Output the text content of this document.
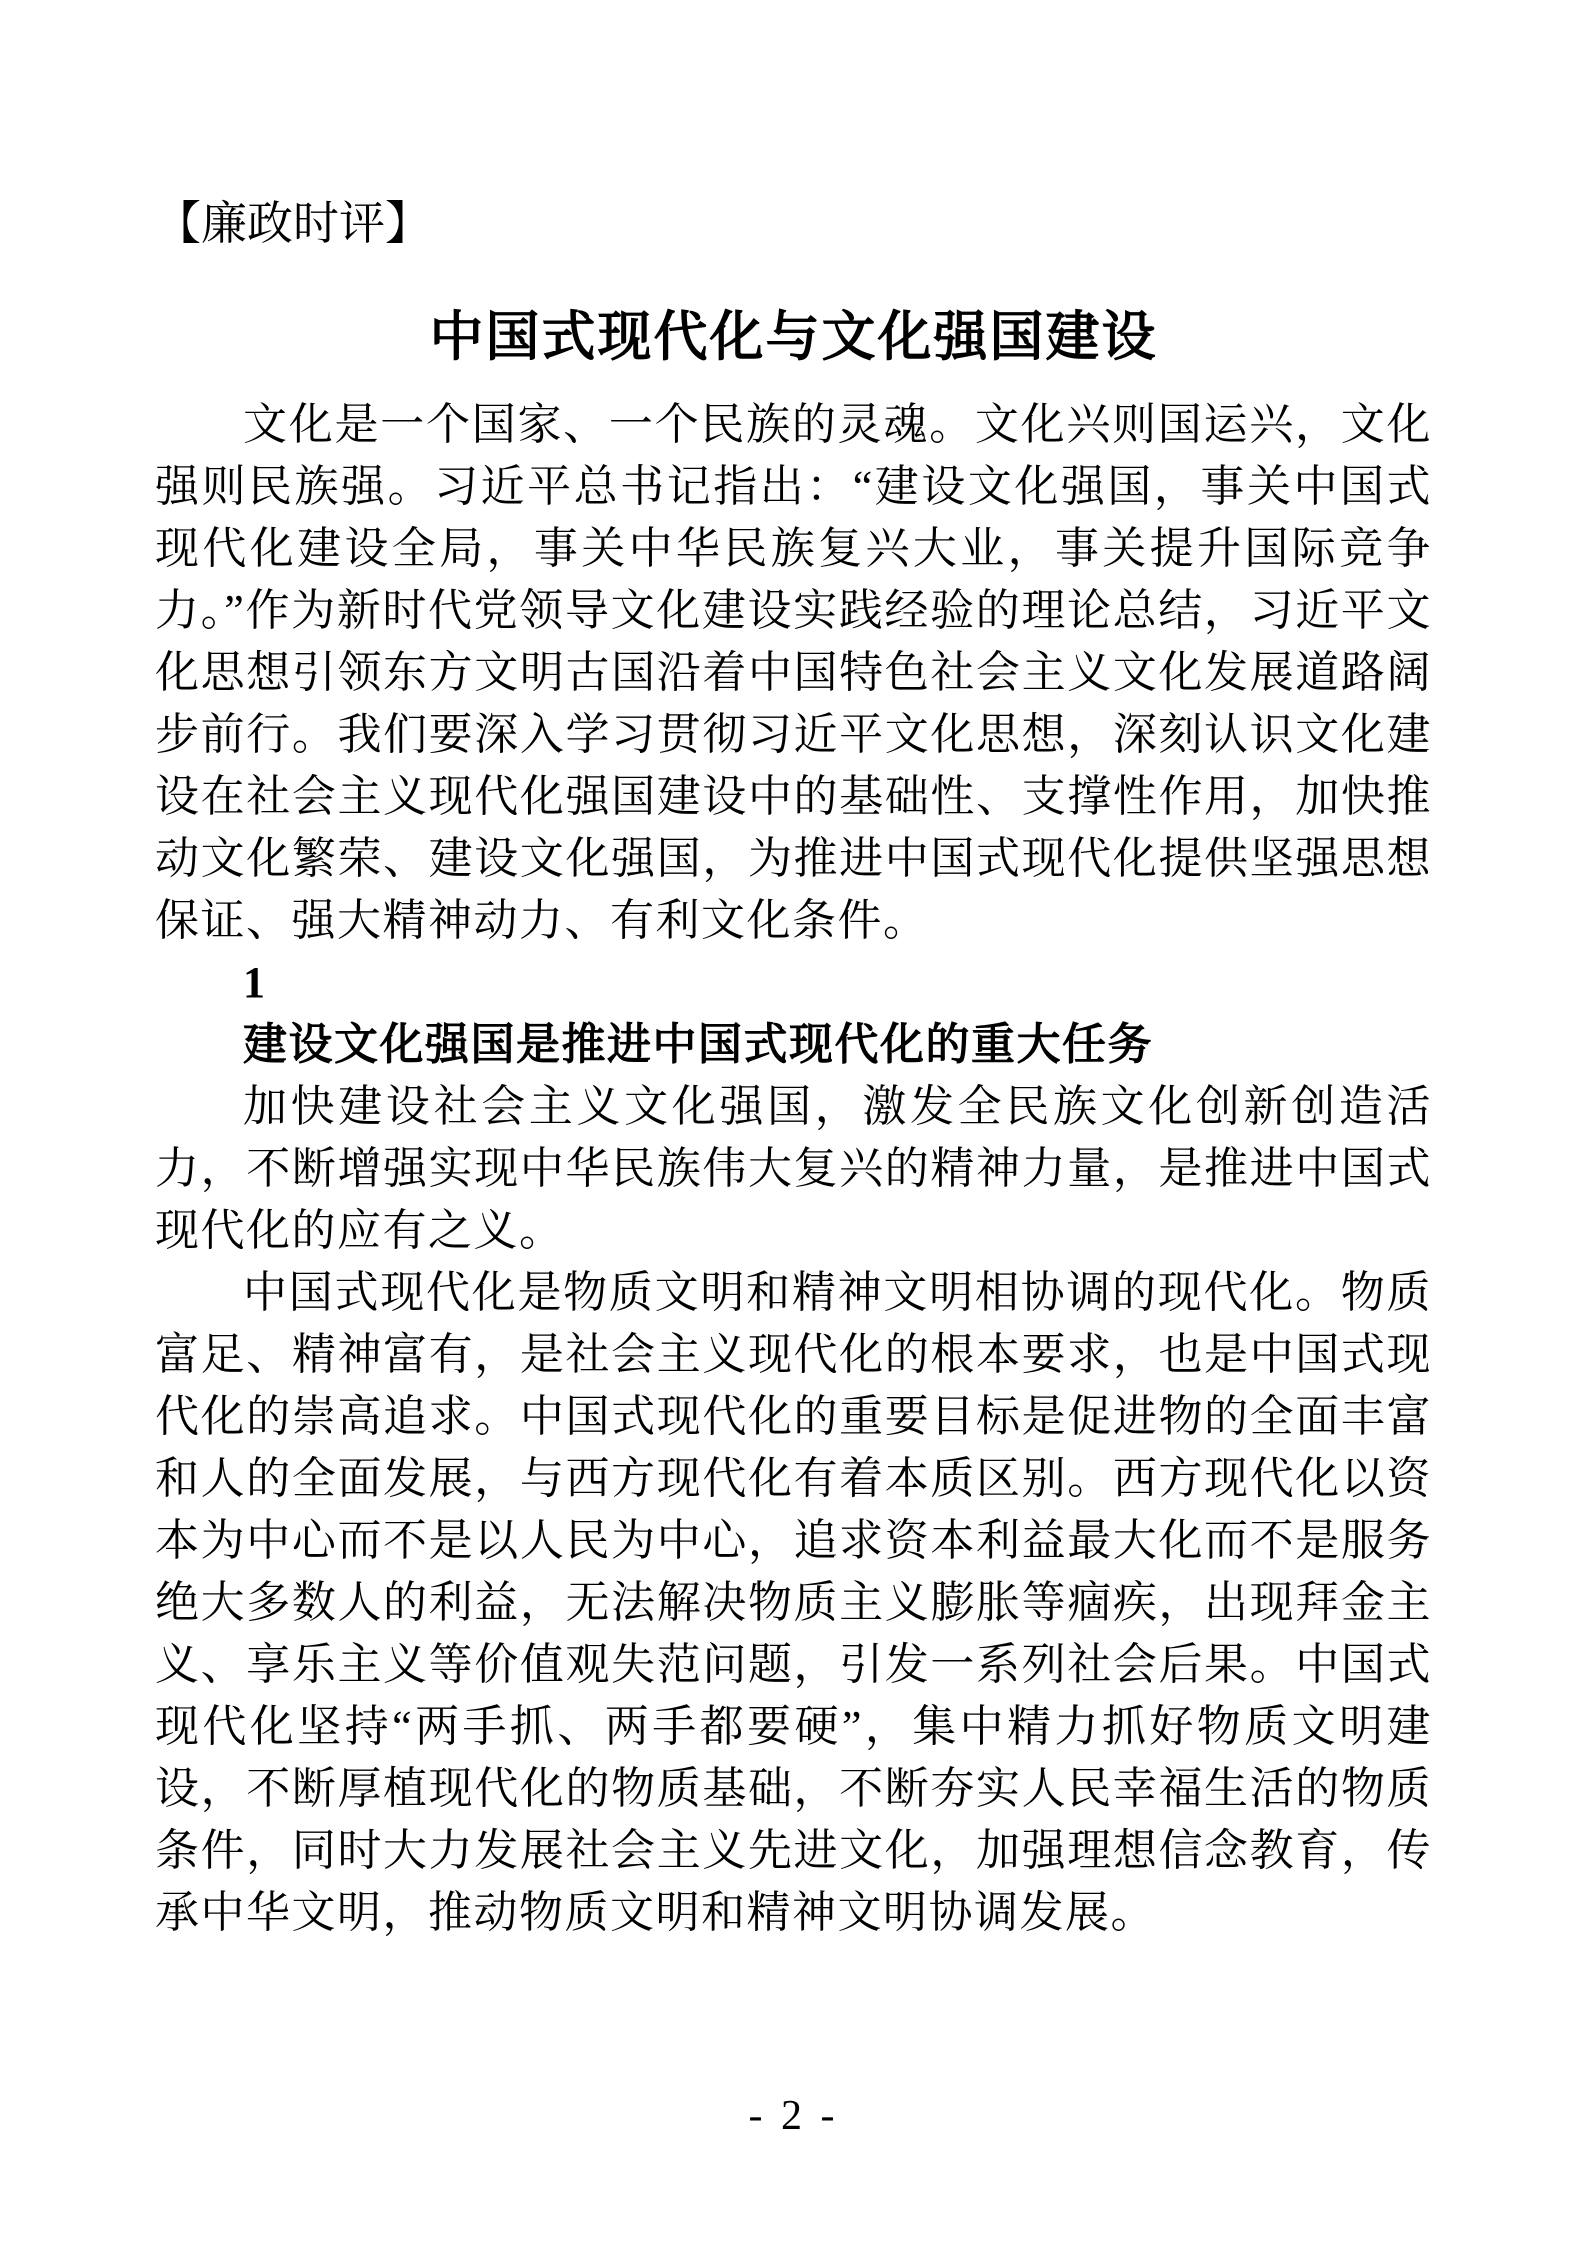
【廉政时评】
中国式现代化与文化强国建设

文化是一个国家、一个民族的灵魂。文化兴则国运兴，文化强则民族强。习近平总书记指出：“建设文化强国，事关中国式现代化建设全局，事关中华民族复兴大业，事关提升国际竞争力。”作为新时代党领导文化建设实践经验的理论总结，习近平文化思想引领东方文明古国沿着中国特色社会主义文化发展道路阔步前行。我们要深入学习贯彻习近平文化思想，深刻认识文化建设在社会主义现代化强国建设中的基础性、支撑性作用，加快推动文化繁荣、建设文化强国，为推进中国式现代化提供坚强思想保证、强大精神动力、有利文化条件。

1

建设文化强国是推进中国式现代化的重大任务

加快建设社会主义文化强国，激发全民族文化创新创造活力，不断增强实现中华民族伟大复兴的精神力量，是推进中国式现代化的应有之义。

中国式现代化是物质文明和精神文明相协调的现代化。物质富足、精神富有，是社会主义现代化的根本要求，也是中国式现代化的崇高追求。中国式现代化的重要目标是促进物的全面丰富和人的全面发展，与西方现代化有着本质区别。西方现代化以资本为中心而不是以人民为中心，追求资本利益最大化而不是服务绝大多数人的利益，无法解决物质主义膨胀等痼疾，出现拜金主义、享乐主义等价值观失范问题，引发一系列社会后果。中国式现代化坚持“两手抓、两手都要硬”，集中精力抓好物质文明建设，不断厚植现代化的物质基础，不断夯实人民幸福生活的物质条件，同时大力发展社会主义先进文化，加强理想信念教育，传承中华文明，推动物质文明和精神文明协调发展。

- 2 -
